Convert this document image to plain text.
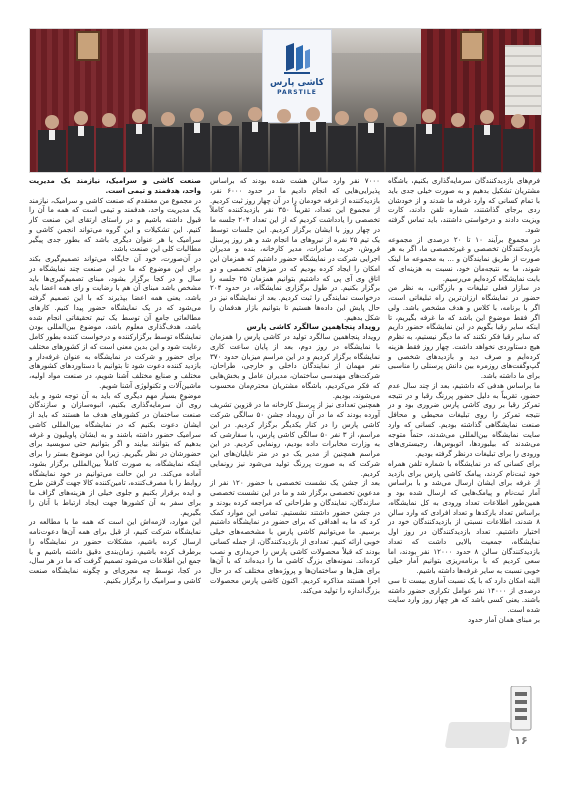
کاشی پارس
PARSTILE

فرم‌های بازدیدکنندگان سرمایه‌گذاری بکنیم، باشگاه مشتریان تشکیل بدهیم و به صورت خیلی جدی باید با تمام کسانی که وارد غرفه ما شدند و از خودشان ردی برجای گذاشتند، شماره تلفن دادند، کارت ویزیت دادند و درخواستی داشتند، باید تماس گرفته شود.

در مجموع برآیند ۱۰ تا ۲۰ درصدی از مجموعه بازدیدکنندگان تخصصی و غیرتخصصی ما، اگر به هر صورت از طریق نمایندگان و ... به مجموعه ما لینک شوند، ما به نتیجه‌مان خود، نسبت به هزینه‌ای که بابت نمایشگاه کرده‌ایم می‌رسیم.

در سازار فعلی تبلیغات و بازرگانی، به نظر من حضور در نمایشگاه ارزان‌ترین راه تبلیغاتی است، اگر با برنامه، با کلاس و هدف مشخص باشد. ولی اگر فقط موضوع این باشد که ما غرفه بگیریم، تا اینکه سایر رقبا بگویم در این نمایشگاه حضور داریم که سایر رقبا فکر نکنند که ما دیگر نیستیم، به نظرم هیچ دستاوردی نخواهد داشت. چهار روز فقط هزینه کرده‌ایم و صرف دید و بازدیدهای شخصی و گپ‌وگفت‌های روزمره بین دانش پرسنلی را مناسبی برای ما داشته باشد.

ما براساس هدفی که داشتیم، بعد از چند سال عدم حضور، تقریباً به دلیل حضور پررنگ رقبا و در نتیجه تمرکز رقبا بر روی کاشی پارس ضروری بود و در نتیجه تمرکز را روی تبلیغات محیطی و محافل صنعت نمایشگاهی گذاشته بودیم. کسانی که وارد سایت نمایشگاه بین‌المللی می‌شدند، حتماً متوجه می‌شدند که بیلبوردها، اتوبوس‌ها، رجیستری‌های ورودی را برای تبلیغات درنظر گرفته بودیم.

برای کسانی که در نمایشگاه با شماره تلفن همراه خود ثبت‌نام کردند، پیامک کاشی پارس برای بازدید از غرفه برای ایشان ارسال می‌شد و با براساس آمار ثبت‌نام و پیامک‌هایی که ارسال شده بود و همین‌طور اطلاعات تعداد ورودی به کل نمایشگاه، براساس تعداد بارکدها و تعداد افرادی که وارد سالن ۸ شدند، اطلاعات نسبتی از بازدیدکنندگان خود در اختیار داشتیم. تعداد بازدیدکنندگان در روز اول نمایشگاه، جمعیت بالایی داشت که تعداد بازدیدکنندگان سالن ۸ حدود ۱۲۰۰۰ نفر بودند، اما سعی کردیم که با برنامه‌ریزی بتوانیم آمار خیلی خوبی نسبت به سایر غرفه‌ها داشته باشیم.

البته امکان دارد که با یک نسبت آماری بیست تا سی درصدی از ۱۴۰۰۰ نفر عوامل تکراری حضور داشته باشند. یعنی کسی باشد که هر چهار روز وارد سایت شده است.

بر مبنای همان آمار حدود

۷۰۰۰ نفر وارد سالن هشت شده بودند که براساس پذیرایی‌هایی که انجام دادیم ما در حدود ۶۰۰۰ نفر، بازدیدکننده از غرفه خودمان را در آن چهار روز ثبت کردیم. از مجموع این تعداد، تقریباً ۳۵۰ نفر بازدیدکننده کاملاً تخصصی را یادداشت کردیم که از این تعداد ۲۰۴ جلسه ما در چهار روز با ایشان برگزار کردیم. این جلسات توسط یک تیم ۲۵ نفره از نیروهای ما انجام شد و هر روز پرسنل فروش، خرید، صادرات، مدیر کارخانه، بنده و مدیران اجرایی شرکت در نمایشگاه حضور داشتیم که همزمان این امکان را ایجاد کرده بودیم که در میزهای تخصصی و دو اتاق وی آی پی که داشتیم بتوانیم همزمان ۲۵ جلسه را برگزار بکنیم. در طول برگزاری نمایشگاه، در حدود ۲۰۴ درخواست نمایندگی را ثبت کردیم. بعد از نمایشگاه نیز در حال پایش این داده‌ها هستیم تا بتوانیم بازار هدفمان را شکل بدهیم.

رویداد پنجاهمین سالگرد کاشی پارس

رویداد پنجاهمین سالگرد تولید در کاشی پارس را همزمان با نمایشگاه در روز دوم، بعد از پایان ساعت کاری نمایشگاه برگزار کردیم و در این مراسم میزبان حدود ۳۷۰ نفر مهمان از نمایندگان داخلی و خارجی، طراحان، شرکت‌های مهندسی ساختمان، مدیران عامل و بخش‌هایی که فکر می‌کردیم، باشگاه مشتریان محترم‌مان محسوب می‌شوند، بودیم.

همچنین تعدادی نیز از پرسنل کارخانه ما در قزوین تشریف آورده بودند که ما در آن رویداد جشن ۵۰ سالگی شرکت کاشی پارس را در کنار یکدیگر برگزار کردیم. در این مراسم، از ۳ نفر ۵۰ سالگی کاشی پارس، با سفارشی که به وزارت مخابرات داده بودیم، رونمایی کردیم. در این مراسم همچنین از مدیر یک دو در متر نایلیان‌های این شرکت که به صورت پررنگ تولید می‌شود نیز رونمایی کردیم.

بعد از جشن یک نشست تخصصی با حضور ۱۲۰ نفر از مدعوین تخصصی برگزار شد و ما در این نشست تخصصی سازندگان، نمایندگان و طراحانی که مراجعه کرده بودند و در جشن حضور داشتند نشستیم. تمامی این موارد کمک کرد که ما به اهدافی که برای حضور در نمایشگاه داشتیم برسیم. ما می‌توانیم کاشی پارس با مشخصه‌های خیلی خوبی ارائه کنیم. تعدادی از بازدیدکنندگان، از جمله کسانی بودند که قبلاً محصولات کاشی پارس را خریداری و نصب کرده‌اند. نمونه‌های بزرگ کاشی ما را دیده‌اند که با آن‌ها برای هتل‌ها و ساختمان‌ها و پروژه‌های مختلف که در حال اجرا هستند مذاکره کردیم. اکنون کاشی پارس محصولات بزرگ‌اندازه را تولید می‌کند.

صنعت کاشی و سرامیک، نیازمند یک مدیریت واحد، هدفمند و تیمی است.

در مجموع من معتقدم که صنعت کاشی و سرامیک، نیازمند یک مدیریت واحد، هدفمند و تیمی است که همه ما آن را قبول داشته باشیم و در راستای ارتقای این صنعت کار کنیم. این تشکیلات و این گروه می‌تواند انجمن کاشی و سرامیک یا هر عنوان دیگری باشد که بطور جدی پیگیر مطالبات کلی این صنعت باشد.

در آن‌صورت، خود آن جایگاه می‌تواند تصمیم‌گیری بکند برای این موضوع که ما در این صنعت چند نمایشگاه در سال و در کجا برگزار بشود، مبنای تصمیم‌گیری‌ها باید مشخص باشد مبنای آن هم با رضایت و رای همه اعضا باید باشد، یعنی همه اعضا بپذیرند که با این تصمیم گرفته می‌شود که در یک نمایشگاه حضور پیدا کنیم. کارهای مطالعاتی جامع آن توسط یک تیم تحقیقاتی انجام شده باشد، هدف‌گذاری معلوم باشد، موضوع بین‌المللی بودن نمایشگاه توسط برگزارکننده و درخواست کننده بطور کامل رعایت شود و این بدین معنی است که از کشورهای مختلف برای حضور و شرکت در نمایشگاه به عنوان غرفه‌دار و بازدید کننده دعوت شود تا بتوانیم با دستاوردهای کشورهای مختلف و صنایع مختلف آشنا شویم، در صنعت مواد اولیه، ماشین‌آلات و تکنولوژی آشنا شویم.

موضوع بسیار مهم دیگری که باید به آن توجه شود و باید روی آن سرمایه‌گذاری بکنیم، انبوه‌سازان و سازندگان صنعت ساختمان در کشورهای هدف ما هستند که باید از ایشان دعوت بکنیم که در نمایشگاه بین‌المللی کاشی سرامیک حضور داشته باشند و به ایشان پاویلیون و غرفه بدهیم که بتوانند بیایند و اگر بتوانیم حتی سوبسید برای حضورشان در نظر بگیریم. زیرا این موضوع بستر را برای اینکه نمایشگاه، به صورت کاملاً بین‌المللی برگزار بشود، آماده می‌کند. در این حالت می‌توانیم در خود نمایشگاه روابط را با مصرف‌کننده، تامین‌کننده کالا جهت گرفتن طرح و ایده برقرار بکنیم و جلوی خیلی از هزینه‌های گزاف ما برای سفر به آن کشورها جهت ایجاد ارتباط با آنان را بگیریم.

این موارد، لازمه‌اش این است که همه ما با مطالعه در نمایشگاه شرکت کنیم، از قبل برای همه آن‌ها دعوت‌نامه ارسال کرده باشیم، مشکلات حضور در نمایشگاه را برطرف کرده باشیم، زمان‌بندی دقیق داشته باشیم و با جمع این اطلاعات می‌شود تصمیم گرفت که ما در هر سال، در کجا، توسط چه مجری‌ای و چگونه نمایشگاه صنعت کاشی و سرامیک را برگزار بکنیم.

۱۶
